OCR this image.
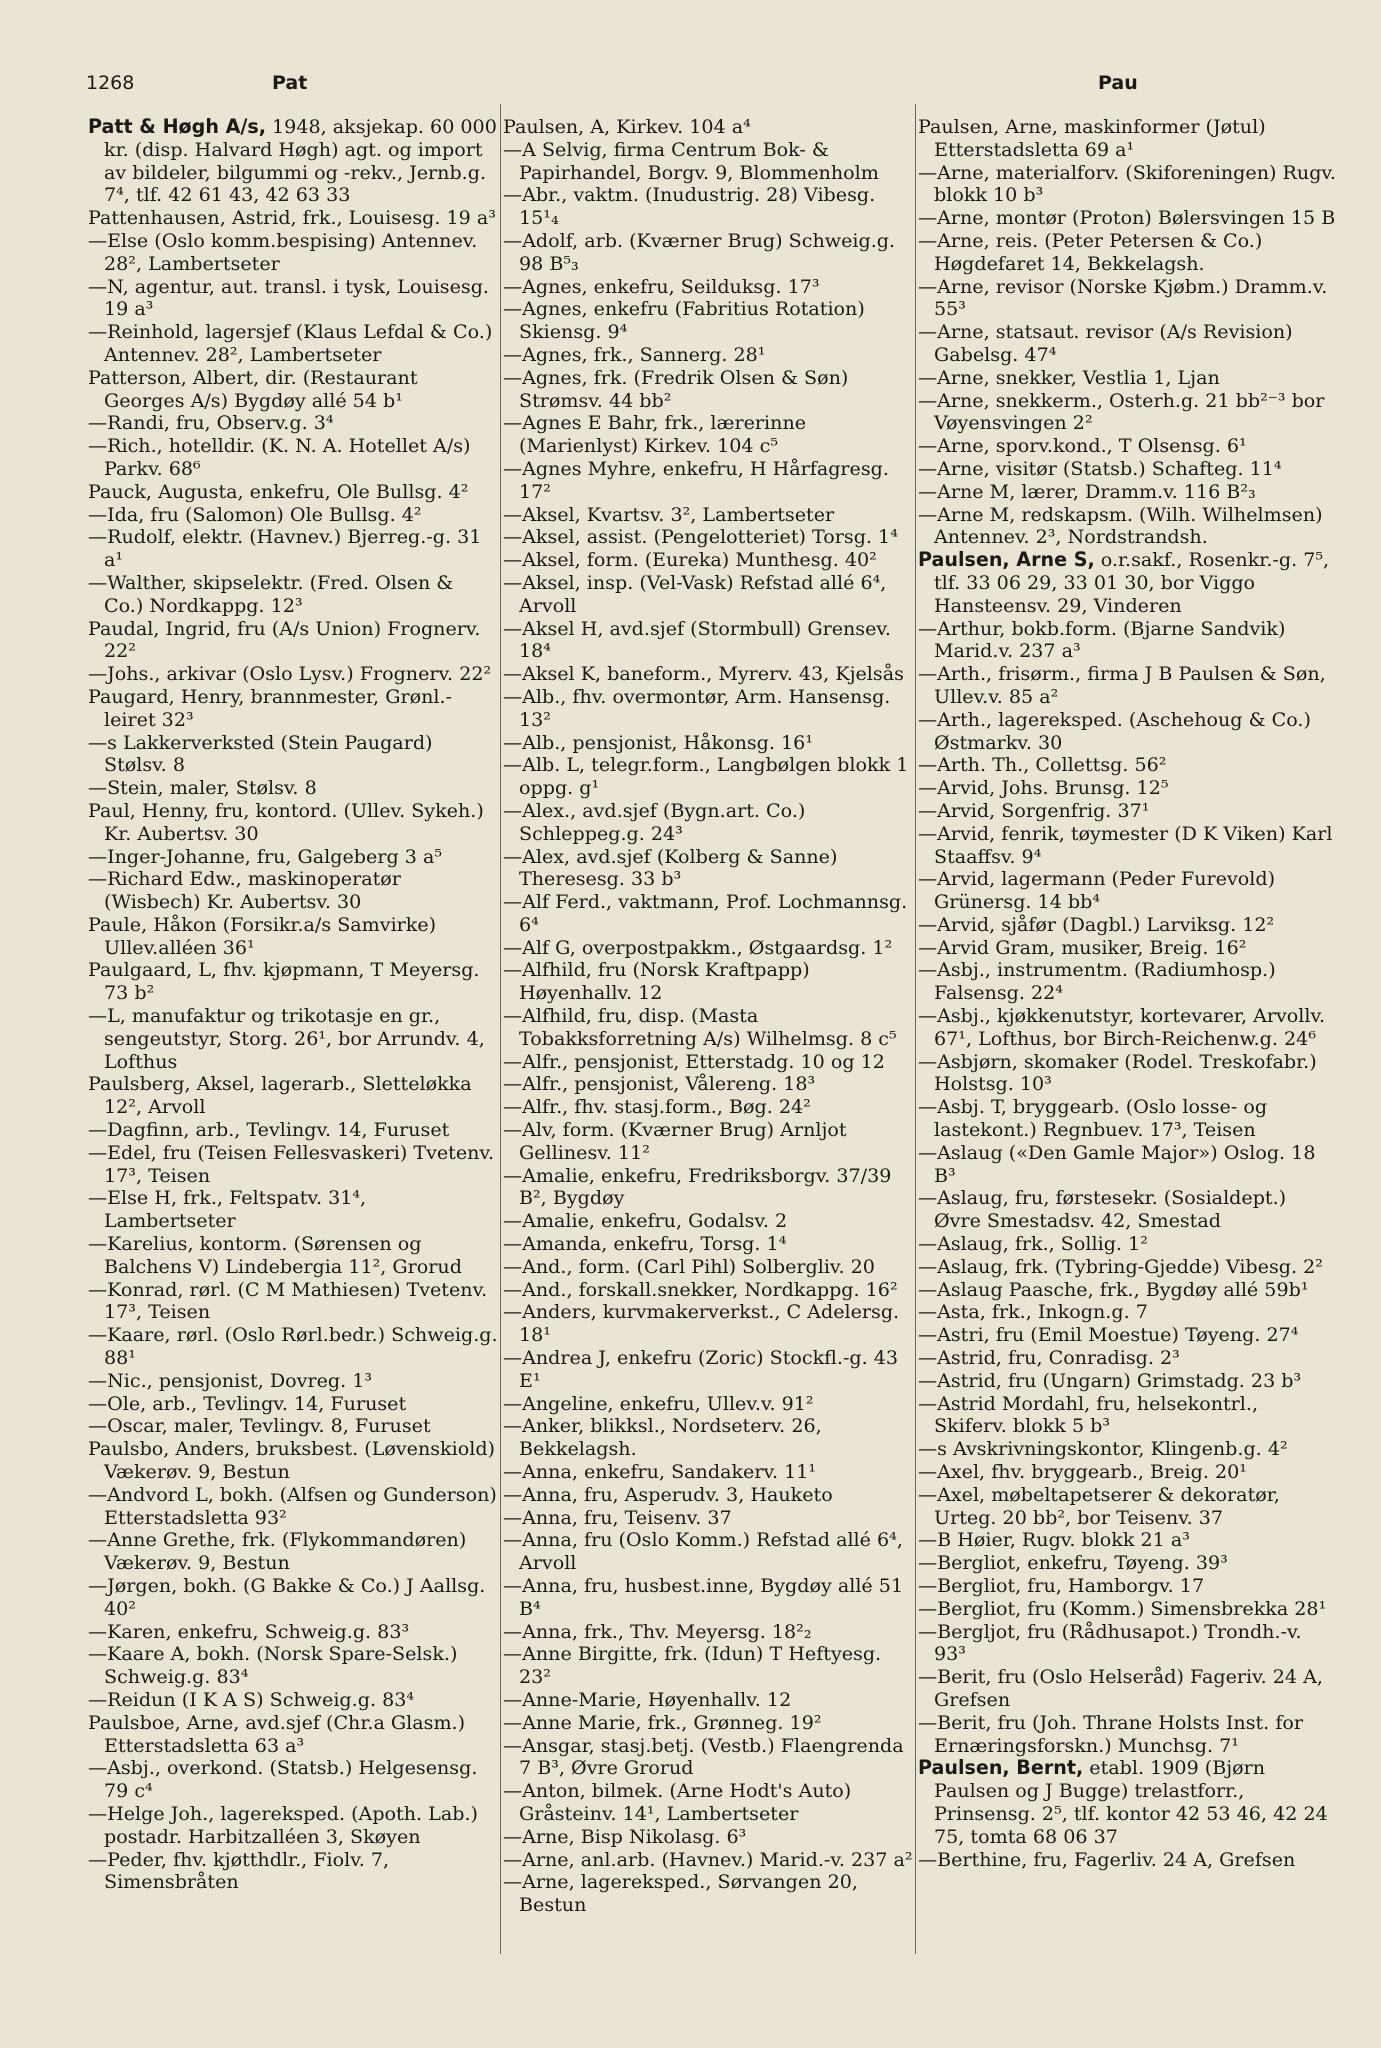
1268	Pat	Pau

Patt & Høgh A/s, 1948, aksjekap. 60 000 kr. (disp. Halvard Høgh) agt. og import av bildeler, bilgummi og -rekv., Jernb.g. 7⁴, tlf. 42 61 43, 42 63 33

Pattenhausen, Astrid, frk., Louisesg. 19 a³

—Else (Oslo komm.bespising) Antennev. 28², Lambertseter

—N, agentur, aut. transl. i tysk, Louisesg. 19 a³

—Reinhold, lagersjef (Klaus Lefdal & Co.) Antennev. 28², Lambertseter

Patterson, Albert, dir. (Restaurant Georges A/s) Bygdøy allé 54 b¹

—Randi, fru, Observ.g. 3⁴

—Rich., hotelldir. (K. N. A. Hotellet A/s) Parkv. 68⁶

Pauck, Augusta, enkefru, Ole Bullsg. 4²

—Ida, fru (Salomon) Ole Bullsg. 4²

—Rudolf, elektr. (Havnev.) Bjerreg.-g. 31 a¹

—Walther, skipselektr. (Fred. Olsen & Co.) Nordkappg. 12³

Paudal, Ingrid, fru (A/s Union) Frognerv. 22²

—Johs., arkivar (Oslo Lysv.) Frognerv. 22²

Paugard, Henry, brannmester, Grønl.-leiret 32³

—s Lakkerverksted (Stein Paugard) Stølsv. 8

—Stein, maler, Stølsv. 8

Paul, Henny, fru, kontord. (Ullev. Sykeh.) Kr. Aubertsv. 30

—Inger-Johanne, fru, Galgeberg 3 a⁵

—Richard Edw., maskinoperatør (Wisbech) Kr. Aubertsv. 30

Paule, Håkon (Forsikr.a/s Samvirke) Ullev.alléen 36¹

Paulgaard, L, fhv. kjøpmann, T Meyersg. 73 b²

—L, manufaktur og trikotasje en gr., sengeutstyr, Storg. 26¹, bor Arrundv. 4, Lofthus

Paulsberg, Aksel, lagerarb., Sletteløkka 12², Arvoll

—Dagfinn, arb., Tevlingv. 14, Furuset

—Edel, fru (Teisen Fellesvaskeri) Tvetenv. 17³, Teisen

—Else H, frk., Feltspatv. 31⁴, Lambertseter

—Karelius, kontorm. (Sørensen og Balchens V) Lindebergia 11², Grorud

—Konrad, rørl. (C M Mathiesen) Tvetenv. 17³, Teisen

—Kaare, rørl. (Oslo Rørl.bedr.) Schweig.g. 88¹

—Nic., pensjonist, Dovreg. 1³

—Ole, arb., Tevlingv. 14, Furuset

—Oscar, maler, Tevlingv. 8, Furuset

Paulsbo, Anders, bruksbest. (Løvenskiold) Vækerøv. 9, Bestun

—Andvord L, bokh. (Alfsen og Gunderson) Etterstadsletta 93²

—Anne Grethe, frk. (Flykommandøren) Vækerøv. 9, Bestun

—Jørgen, bokh. (G Bakke & Co.) J Aallsg. 40²

—Karen, enkefru, Schweig.g. 83³

—Kaare A, bokh. (Norsk Spare-Selsk.) Schweig.g. 83⁴

—Reidun (I K A S) Schweig.g. 83⁴

Paulsboe, Arne, avd.sjef (Chr.a Glasm.) Etterstadsletta 63 a³

—Asbj., overkond. (Statsb.) Helgesensg. 79 c⁴

—Helge Joh., lagereksped. (Apoth. Lab.) postadr. Harbitzalléen 3, Skøyen

—Peder, fhv. kjøtthdlr., Fiolv. 7, Simensbråten

Paulsen, A, Kirkev. 104 a⁴

—A Selvig, firma Centrum Bok- & Papirhandel, Borgv. 9, Blommenholm

—Abr., vaktm. (Inudustrig. 28) Vibesg. 15¹₄

—Adolf, arb. (Kværner Brug) Schweig.g. 98 B⁵₃

—Agnes, enkefru, Seilduksg. 17³

—Agnes, enkefru (Fabritius Rotation) Skiensg. 9⁴

—Agnes, frk., Sannerg. 28¹

—Agnes, frk. (Fredrik Olsen & Søn) Strømsv. 44 bb²

—Agnes E Bahr, frk., lærerinne (Marienlyst) Kirkev. 104 c⁵

—Agnes Myhre, enkefru, H Hårfagresg. 17²

—Aksel, Kvartsv. 3², Lambertseter

—Aksel, assist. (Pengelotteriet) Torsg. 1⁴

—Aksel, form. (Eureka) Munthesg. 40²

—Aksel, insp. (Vel-Vask) Refstad allé 6⁴, Arvoll

—Aksel H, avd.sjef (Stormbull) Grensev. 18⁴

—Aksel K, baneform., Myrerv. 43, Kjelsås

—Alb., fhv. overmontør, Arm. Hansensg. 13²

—Alb., pensjonist, Håkonsg. 16¹

—Alb. L, telegr.form., Langbølgen blokk 1 oppg. g¹

—Alex., avd.sjef (Bygn.art. Co.) Schleppeg.g. 24³

—Alex, avd.sjef (Kolberg & Sanne) Theresesg. 33 b³

—Alf Ferd., vaktmann, Prof. Lochmannsg. 6⁴

—Alf G, overpostpakkm., Østgaardsg. 1²

—Alfhild, fru (Norsk Kraftpapp) Høyenhallv. 12

—Alfhild, fru, disp. (Masta Tobakksforretning A/s) Wilhelmsg. 8 c⁵

—Alfr., pensjonist, Etterstadg. 10 og 12

—Alfr., pensjonist, Vålereng. 18³

—Alfr., fhv. stasj.form., Bøg. 24²

—Alv, form. (Kværner Brug) Arnljot Gellinesv. 11²

—Amalie, enkefru, Fredriksborgv. 37/39 B², Bygdøy

—Amalie, enkefru, Godalsv. 2

—Amanda, enkefru, Torsg. 1⁴

—And., form. (Carl Pihl) Solbergliv. 20

—And., forskall.snekker, Nordkappg. 16²

—Anders, kurvmakerverkst., C Adelersg. 18¹

—Andrea J, enkefru (Zoric) Stockfl.-g. 43 E¹

—Angeline, enkefru, Ullev.v. 91²

—Anker, blikksl., Nordseterv. 26, Bekkelagsh.

—Anna, enkefru, Sandakerv. 11¹

—Anna, fru, Asperudv. 3, Hauketo

—Anna, fru, Teisenv. 37

—Anna, fru (Oslo Komm.) Refstad allé 6⁴, Arvoll

—Anna, fru, husbest.inne, Bygdøy allé 51 B⁴

—Anna, frk., Thv. Meyersg. 18²₂

—Anne Birgitte, frk. (Idun) T Heftyesg. 23²

—Anne-Marie, Høyenhallv. 12

—Anne Marie, frk., Grønneg. 19²

—Ansgar, stasj.betj. (Vestb.) Flaengrenda 7 B³, Øvre Grorud

—Anton, bilmek. (Arne Hodt's Auto) Gråsteinv. 14¹, Lambertseter

—Arne, Bisp Nikolasg. 6³

—Arne, anl.arb. (Havnev.) Marid.-v. 237 a²

—Arne, lagereksped., Sørvangen 20, Bestun

Paulsen, Arne, maskinformer (Jøtul) Etterstadsletta 69 a¹

—Arne, materialforv. (Skiforeningen) Rugv. blokk 10 b³

—Arne, montør (Proton) Bølersvingen 15 B

—Arne, reis. (Peter Petersen & Co.) Høgdefaret 14, Bekkelagsh.

—Arne, revisor (Norske Kjøbm.) Dramm.v. 55³

—Arne, statsaut. revisor (A/s Revision) Gabelsg. 47⁴

—Arne, snekker, Vestlia 1, Ljan

—Arne, snekkerm., Osterh.g. 21 bb²⁻³ bor Vøyensvingen 2²

—Arne, sporv.kond., T Olsensg. 6¹

—Arne, visitør (Statsb.) Schafteg. 11⁴

—Arne M, lærer, Dramm.v. 116 B²₃

—Arne M, redskapsm. (Wilh. Wilhelmsen) Antennev. 2³, Nordstrandsh.

Paulsen, Arne S, o.r.sakf., Rosenkr.-g. 7⁵, tlf. 33 06 29, 33 01 30, bor Viggo Hansteensv. 29, Vinderen

—Arthur, bokb.form. (Bjarne Sandvik) Marid.v. 237 a³

—Arth., frisørm., firma J B Paulsen & Søn, Ullev.v. 85 a²

—Arth., lagereksped. (Aschehoug & Co.) Østmarkv. 30

—Arth. Th., Collettsg. 56²

—Arvid, Johs. Brunsg. 12⁵

—Arvid, Sorgenfrig. 37¹

—Arvid, fenrik, tøymester (D K Viken) Karl Staaffsv. 9⁴

—Arvid, lagermann (Peder Furevold) Grünersg. 14 bb⁴

—Arvid, sjåfør (Dagbl.) Larviksg. 12²

—Arvid Gram, musiker, Breig. 16²

—Asbj., instrumentm. (Radiumhosp.) Falsensg. 22⁴

—Asbj., kjøkkenutstyr, kortevarer, Arvollv. 67¹, Lofthus, bor Birch-Reichenw.g. 24⁶

—Asbjørn, skomaker (Rodel. Treskofabr.) Holstsg. 10³

—Asbj. T, bryggearb. (Oslo losse- og lastekont.) Regnbuev. 17³, Teisen

—Aslaug («Den Gamle Major») Oslog. 18 B³

—Aslaug, fru, førstesekr. (Sosialdept.) Øvre Smestadsv. 42, Smestad

—Aslaug, frk., Sollig. 1²

—Aslaug, frk. (Tybring-Gjedde) Vibesg. 2²

—Aslaug Paasche, frk., Bygdøy allé 59b¹

—Asta, frk., Inkogn.g. 7

—Astri, fru (Emil Moestue) Tøyeng. 27⁴

—Astrid, fru, Conradisg. 2³

—Astrid, fru (Ungarn) Grimstadg. 23 b³

—Astrid Mordahl, fru, helsekontrl., Skiferv. blokk 5 b³

—s Avskrivningskontor, Klingenb.g. 4²

—Axel, fhv. bryggearb., Breig. 20¹

—Axel, møbeltapetserer & dekoratør, Urteg. 20 bb², bor Teisenv. 37

—B Høier, Rugv. blokk 21 a³

—Bergliot, enkefru, Tøyeng. 39³

—Bergliot, fru, Hamborgv. 17

—Bergliot, fru (Komm.) Simensbrekka 28¹

—Bergljot, fru (Rådhusapot.) Trondh.-v. 93³

—Berit, fru (Oslo Helseråd) Fageriv. 24 A, Grefsen

—Berit, fru (Joh. Thrane Holsts Inst. for Ernæringsforskn.) Munchsg. 7¹

Paulsen, Bernt, etabl. 1909 (Bjørn Paulsen og J Bugge) trelastforr., Prinsensg. 2⁵, tlf. kontor 42 53 46, 42 24 75, tomta 68 06 37

—Berthine, fru, Fagerliv. 24 A, Grefsen
